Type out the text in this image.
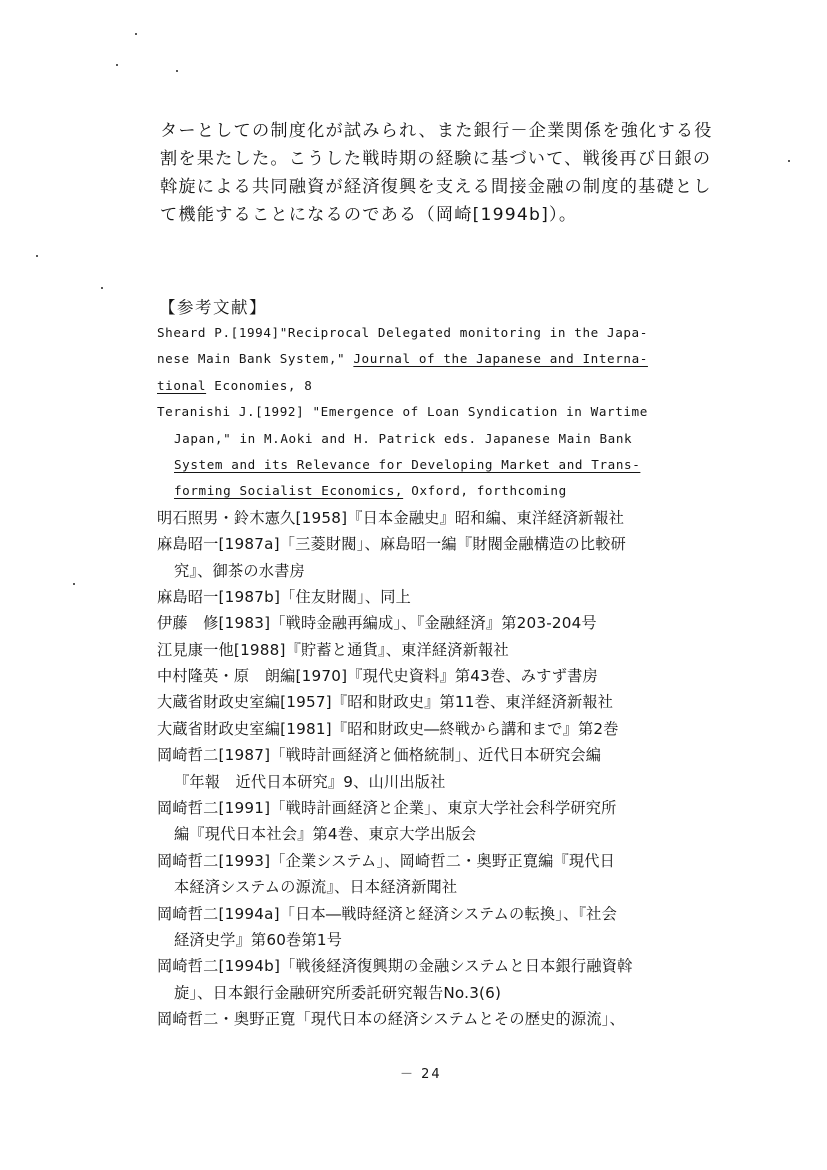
ターとしての制度化が試みられ、また銀行－企業関係を強化する役
割を果たした。こうした戦時期の経験に基づいて、戦後再び日銀の
斡旋による共同融資が経済復興を支える間接金融の制度的基礎とし
て機能することになるのである（岡崎[1994b]）。
【参考文献】
Sheard P.[1994]"Reciprocal Delegated monitoring in the Japa-
nese Main Bank System," Journal of the Japanese and Interna-
tional Economies, 8
Teranishi J.[1992] "Emergence of Loan Syndication in Wartime
Japan," in M.Aoki and H. Patrick eds. Japanese Main Bank
System and its Relevance for Developing Market and Trans-
forming Socialist Economics, Oxford, forthcoming
明石照男・鈴木憲久[1958]『日本金融史』昭和編、東洋経済新報社
麻島昭一[1987a]「三菱財閥」、麻島昭一編『財閥金融構造の比較研
究』、御茶の水書房
麻島昭一[1987b]「住友財閥」、同上
伊藤　修[1983]「戦時金融再編成」、『金融経済』第203-204号
江見康一他[1988]『貯蓄と通貨』、東洋経済新報社
中村隆英・原　朗編[1970]『現代史資料』第43巻、みすず書房
大蔵省財政史室編[1957]『昭和財政史』第11巻、東洋経済新報社
大蔵省財政史室編[1981]『昭和財政史―終戦から講和まで』第2巻
岡崎哲二[1987]「戦時計画経済と価格統制」、近代日本研究会編
『年報　近代日本研究』9、山川出版社
岡崎哲二[1991]「戦時計画経済と企業」、東京大学社会科学研究所
編『現代日本社会』第4巻、東京大学出版会
岡崎哲二[1993]「企業システム」、岡崎哲二・奥野正寛編『現代日
本経済システムの源流』、日本経済新聞社
岡崎哲二[1994a]「日本―戦時経済と経済システムの転換」、『社会
経済史学』第60巻第1号
岡崎哲二[1994b]「戦後経済復興期の金融システムと日本銀行融資斡
旋」、日本銀行金融研究所委託研究報告No.3(6)
岡崎哲二・奥野正寛「現代日本の経済システムとその歴史的源流」、
－ 24
